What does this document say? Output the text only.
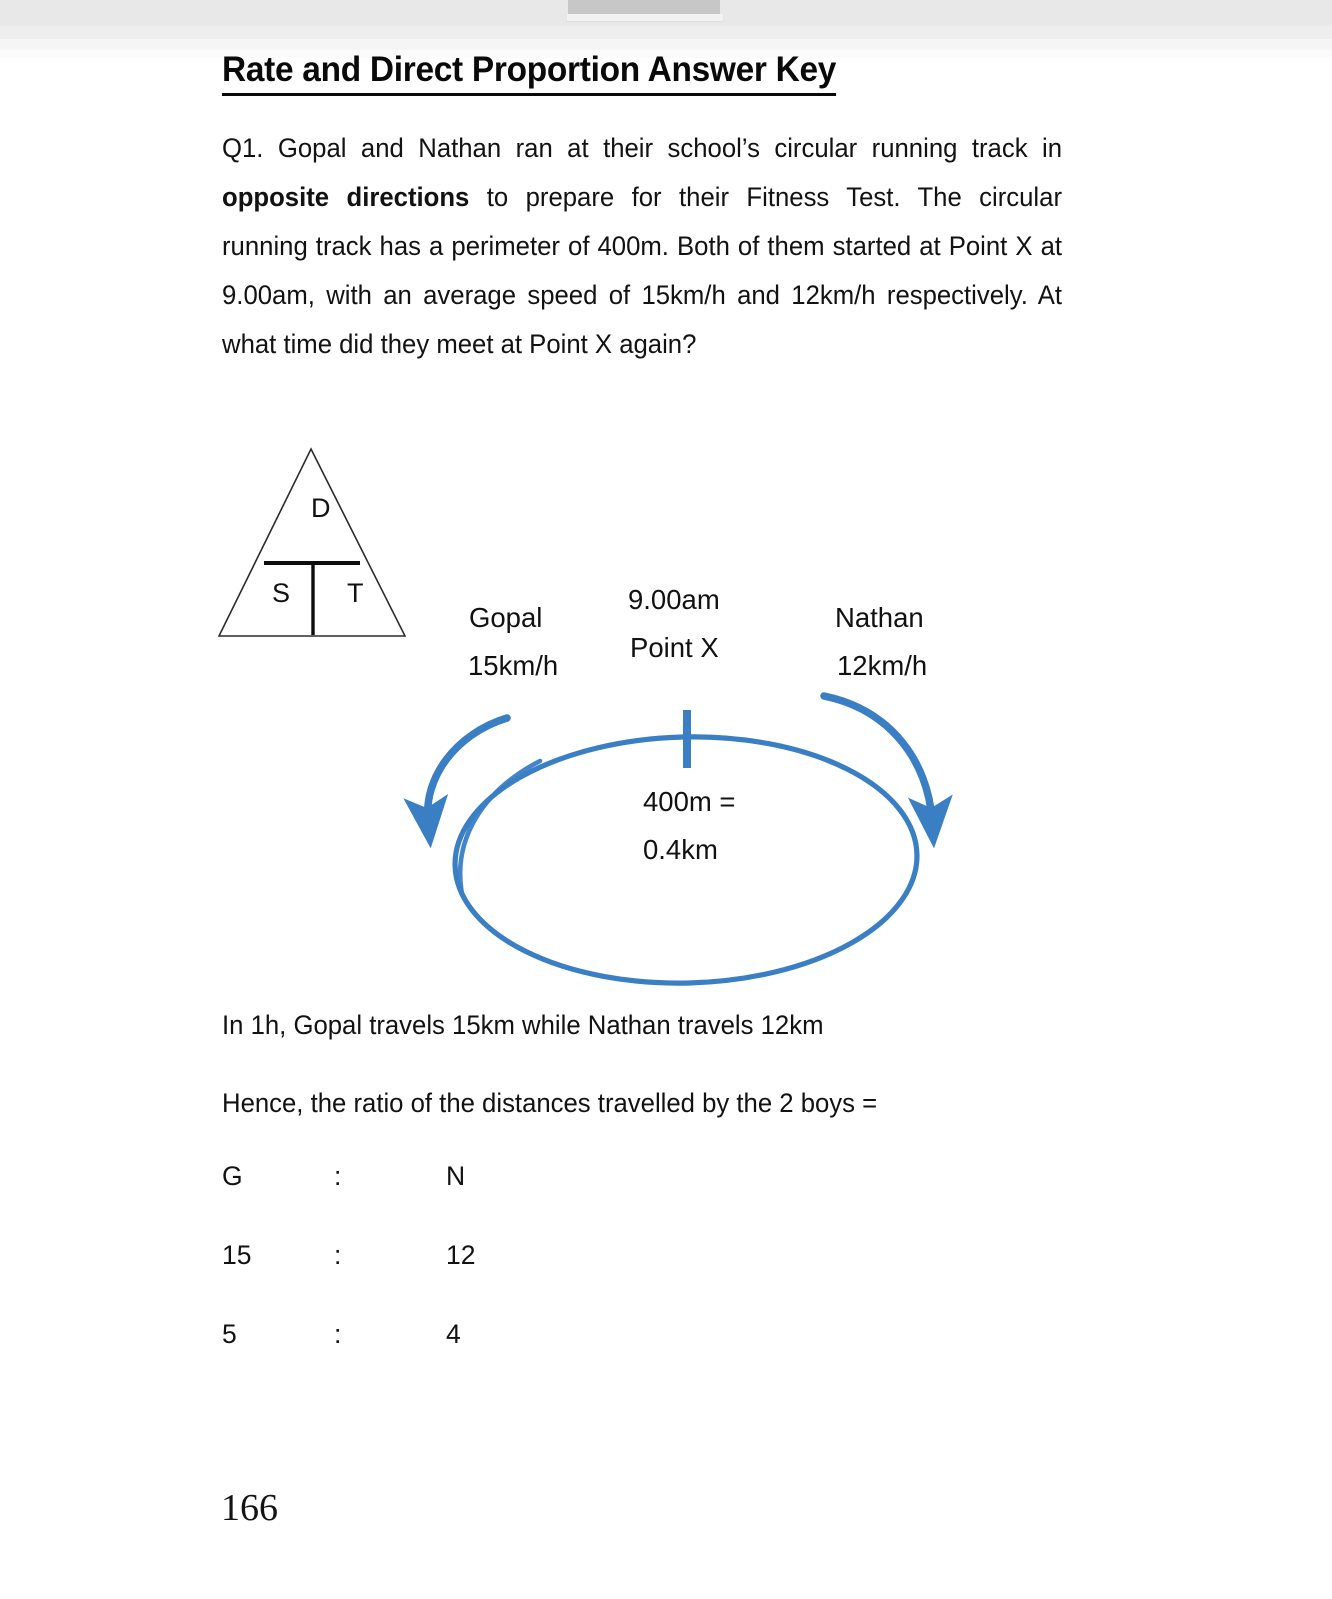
Rate and Direct Proportion Answer Key
Q1. Gopal and Nathan ran at their school’s circular running track in opposite directions to prepare for their Fitness Test. The circular running track has a perimeter of 400m. Both of them started at Point X at 9.00am, with an average speed of 15km/h and 12km/h respectively. At what time did they meet at Point X again?
D
S T
Gopal
15km/h
9.00am
Point X
Nathan
12km/h
400m =
0.4km
In 1h, Gopal travels 15km while Nathan travels 12km
Hence, the ratio of the distances travelled by the 2 boys =
G	:	N
15	:	12
5	:	4
166
